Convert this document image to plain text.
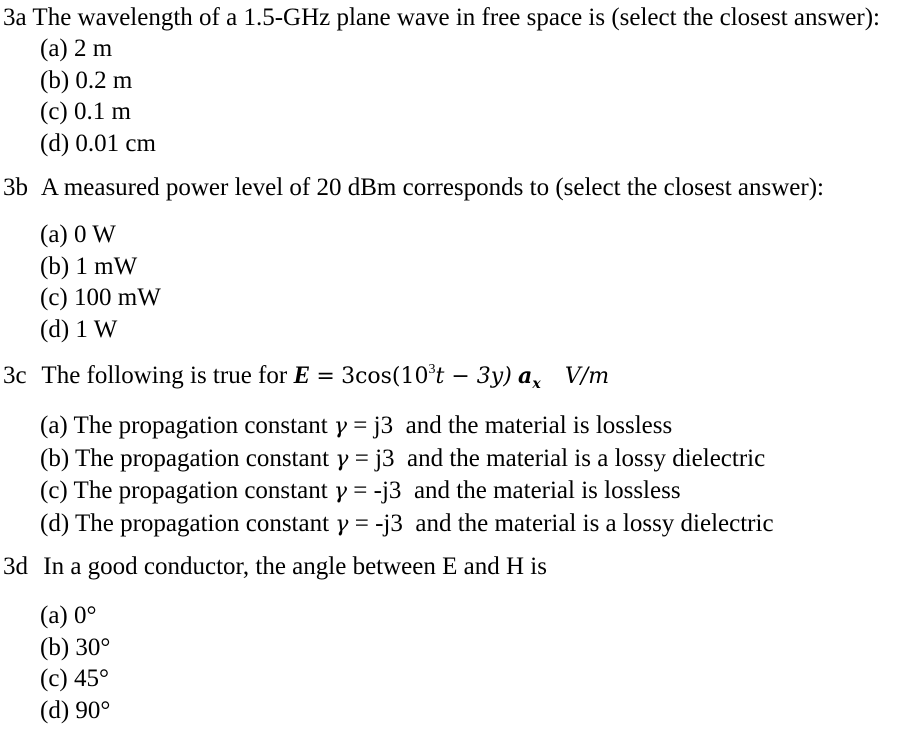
3a The wavelength of a 1.5-GHz plane wave in free space is (select the closest answer):
(a) 2 m
(b) 0.2 m
(c) 0.1 m
(d) 0.01 cm
3b A measured power level of 20 dBm corresponds to (select the closest answer):
(a) 0 W
(b) 1 mW
(c) 100 mW
(d) 1 W
3c The following is true for $E = 3\cos(10^3t - 3y)$ $a_x$ V/m
(a) The propagation constant γ = j3 and the material is lossless
(b) The propagation constant γ = j3 and the material is a lossy dielectric
(c) The propagation constant γ = -j3 and the material is lossless
(d) The propagation constant γ = -j3 and the material is a lossy dielectric
3d In a good conductor, the angle between E and H is
(a) 0°
(b) 30°
(c) 45°
(d) 90°
